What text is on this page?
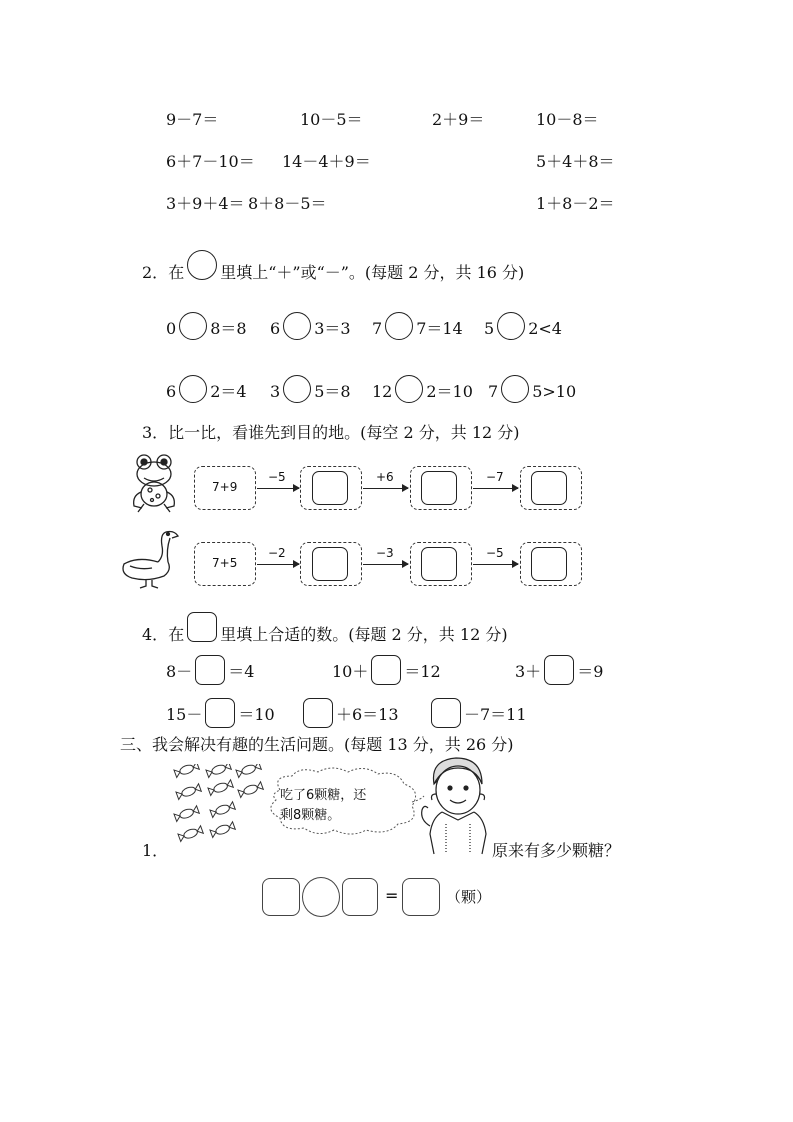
9－7＝	10－5＝	2＋9＝	10－8＝
6＋7－10＝ 14－4＋9＝	5＋4＋8＝
3＋9＋4＝ 8＋8－5＝	1＋8－2＝
2．在 里填上“＋”或“－”。(每题 2 分，共 16 分)
0 8＝8 6 3＝3 7 7＝14 5 2<4
6 2＝4 3 5＝8 12 2＝10 7 5>10
3．比一比，看谁先到目的地。(每空 2 分，共 12 分)
7+9
−5	+6	−7
7+5
−2	−3	−5
4．在 里填上合适的数。(每题 2 分，共 12 分)
8－ ＝4	10＋ ＝12	3＋ ＝9
15－ ＝10	＋6＝13	－7＝11
三、我会解决有趣的生活问题。(每题 13 分，共 26 分)
1．
吃了6颗糖，还
剩8颗糖。
原来有多少颗糖？
=	（颗）
